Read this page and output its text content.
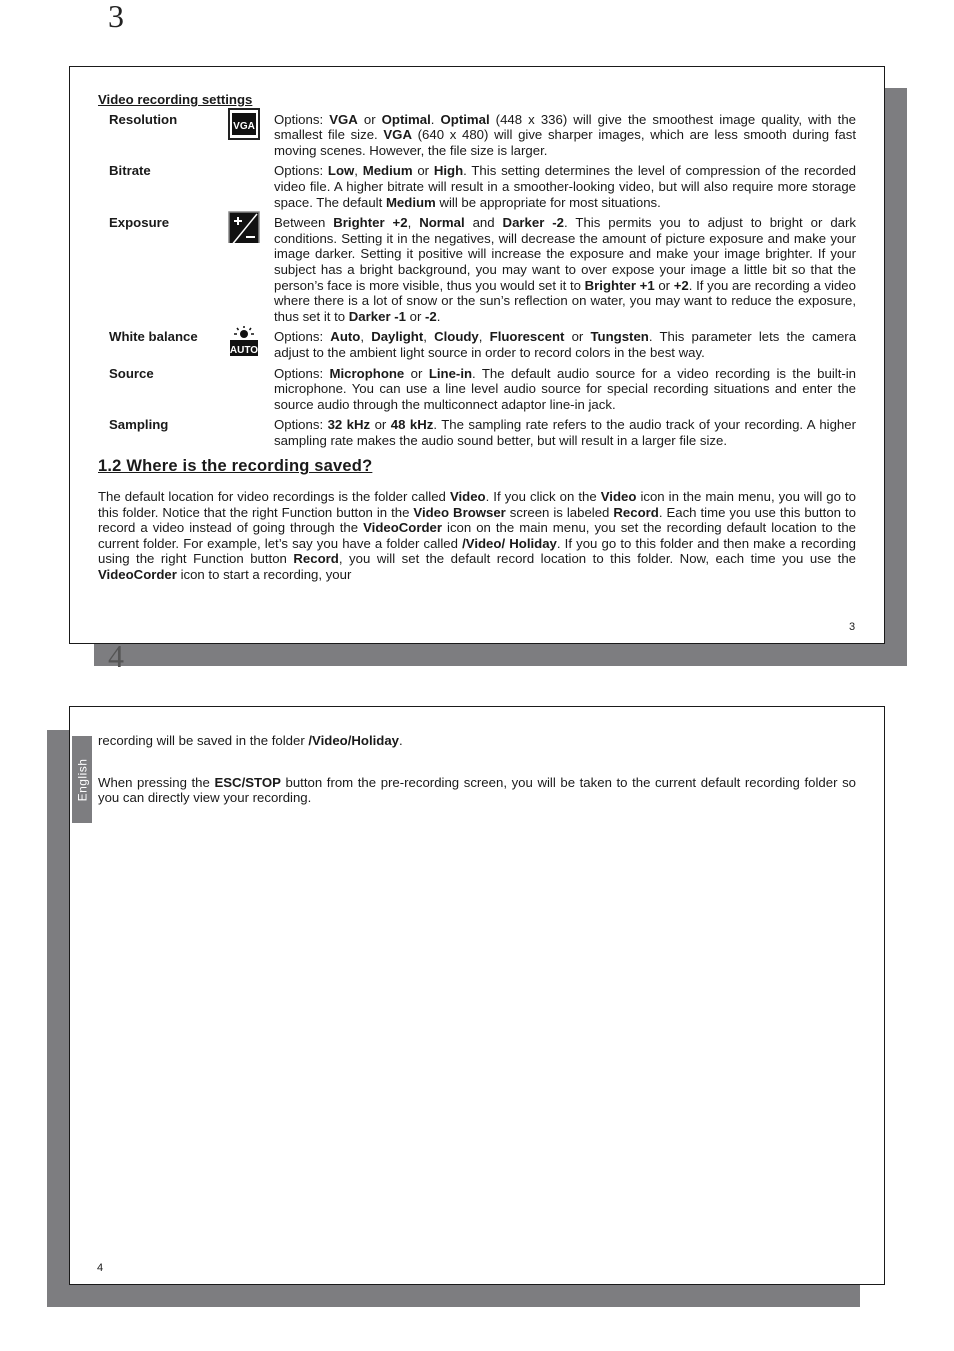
3
Video recording settings
Resolution	VGA	Options: VGA or Optimal. Optimal (448 x 336) will give the smoothest image quality, with the smallest file size. VGA (640 x 480) will give sharper images, which are less smooth during fast moving scenes. However, the file size is larger.
Bitrate		Options: Low, Medium or High. This setting determines the level of compression of the recorded video file. A higher bitrate will result in a smoother-looking video, but will also require more storage space. The default Medium will be appropriate for most situations.
Exposure		Between Brighter +2, Normal and Darker -2. This permits you to adjust to bright or dark conditions. Setting it in the negatives, will decrease the amount of picture exposure and make your image darker. Setting it positive will increase the exposure and make your image brighter. If your subject has a bright background, you may want to over expose your image a little bit so that the person’s face is more visible, thus you would set it to Brighter +1 or +2. If you are recording a video where there is a lot of snow or the sun’s reflection on water, you may want to reduce the exposure, thus set it to Darker -1 or -2.
White balance	AUTO	Options: Auto, Daylight, Cloudy, Fluorescent or Tungsten. This parameter lets the camera adjust to the ambient light source in order to record colors in the best way.
Source		Options: Microphone or Line-in. The default audio source for a video recording is the built-in microphone. You can use a line level audio source for special recording situations and enter the source audio through the multiconnect adaptor line-in jack.
Sampling		Options: 32 kHz or 48 kHz. The sampling rate refers to the audio track of your recording. A higher sampling rate makes the audio sound better, but will result in a larger file size.
1.2 Where is the recording saved?

The default location for video recordings is the folder called Video. If you click on the Video icon in the main menu, you will go to this folder. Notice that the right Function button in the Video Browser screen is labeled Record. Each time you use this button to record a video instead of going through the VideoCorder icon on the main menu, you set the recording default location to the current folder. For example, let’s say you have a folder called /Video/ Holiday. If you go to this folder and then make a recording using the right Function button Record, you will set the default record location to this folder. Now, each time you use the VideoCorder icon to start a recording, your

3
4
English

recording will be saved in the folder /Video/Holiday.

When pressing the ESC/STOP button from the pre-recording screen, you will be taken to the current default recording folder so you can directly view your recording.

4
